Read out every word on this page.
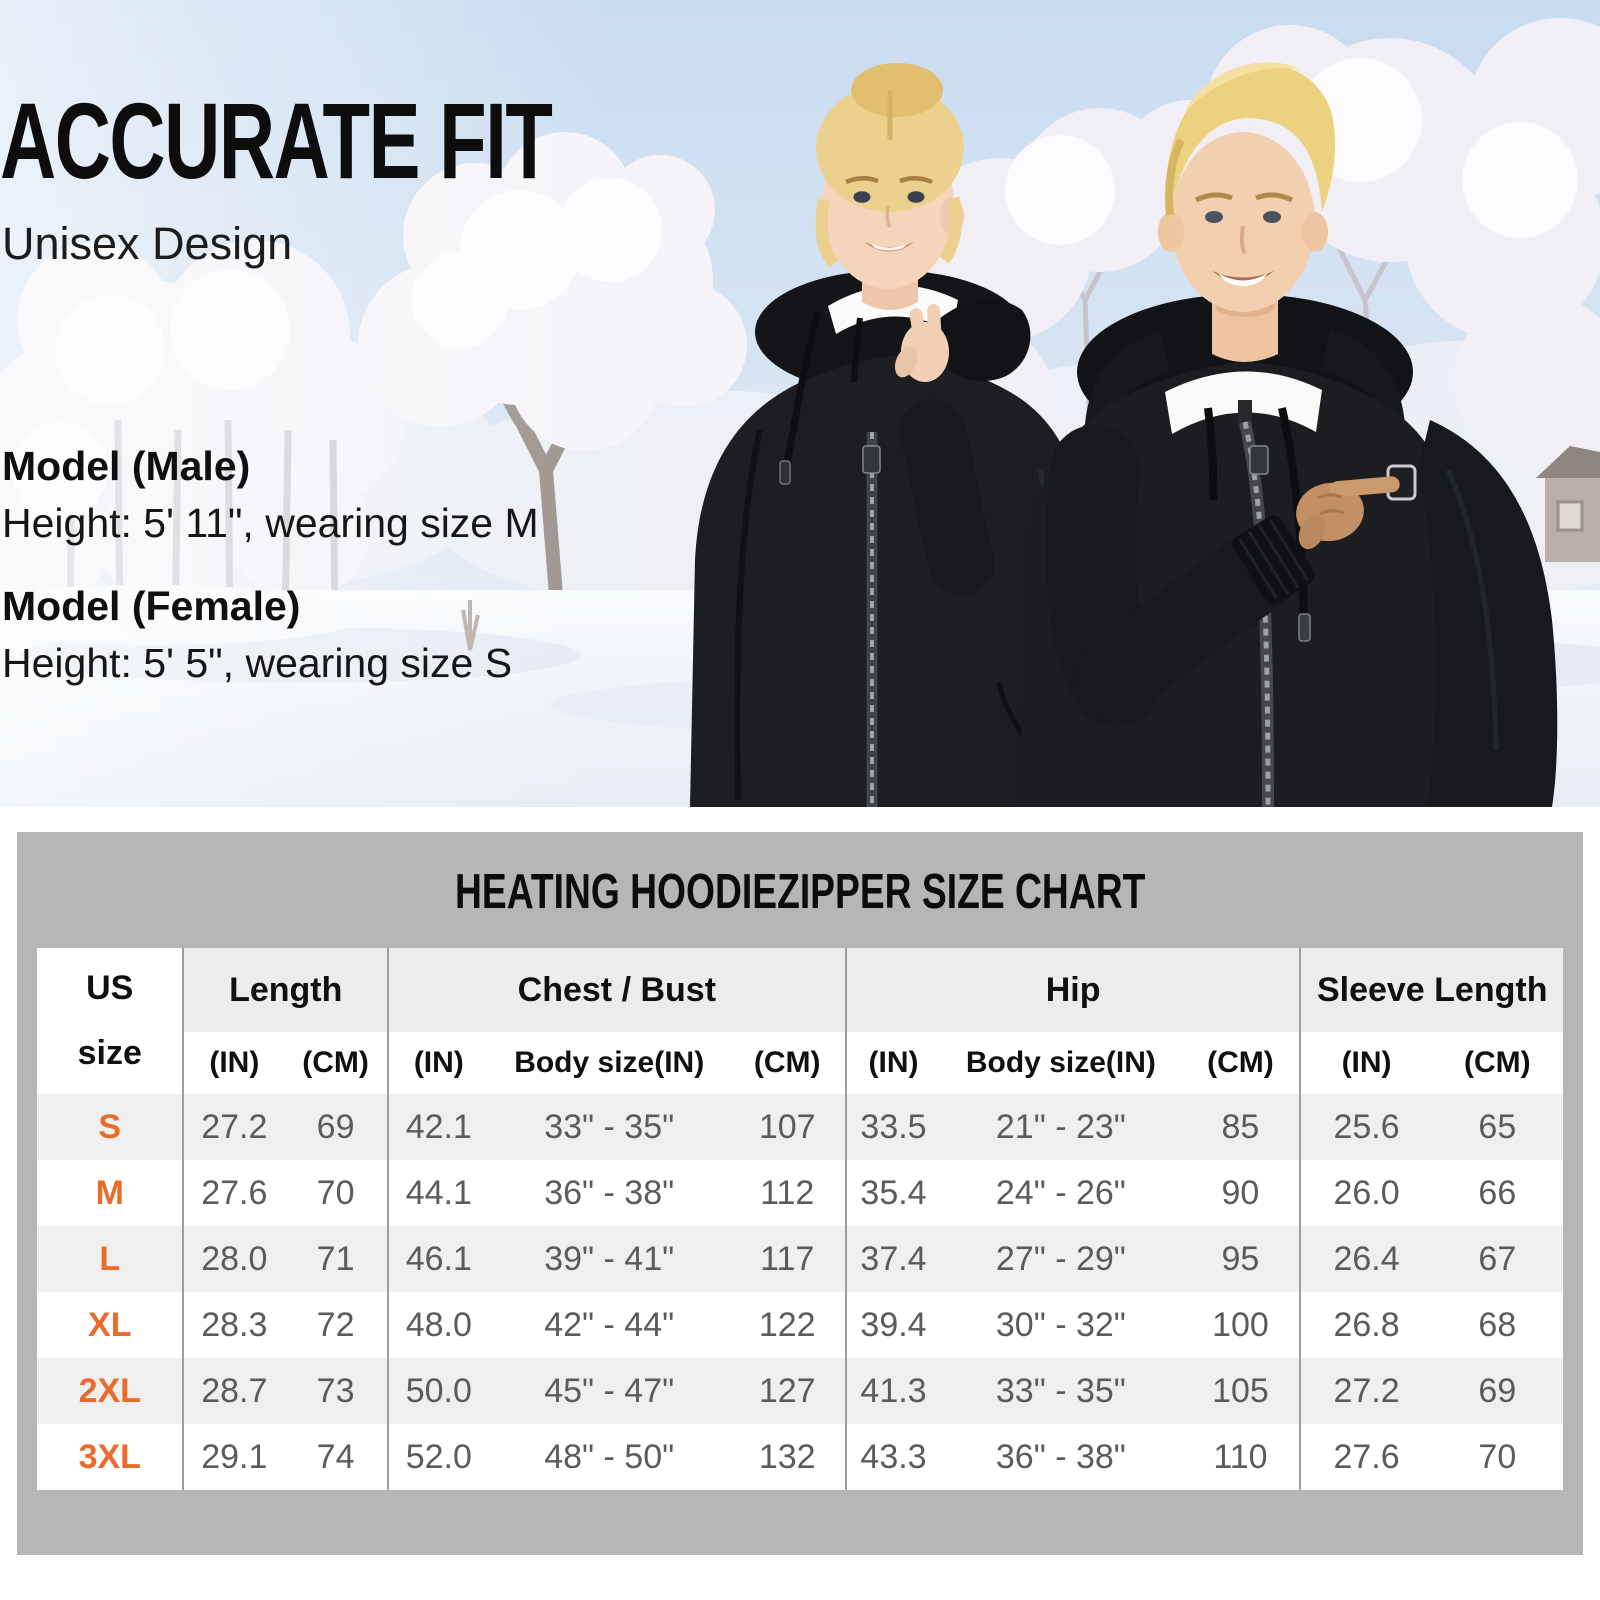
ACCURATE FIT
Unisex Design
Model (Male)
Height: 5' 11", wearing size M
Model (Female)
Height: 5' 5", wearing size S
HEATING HOODIEZIPPER SIZE CHART
US
size	Length		Chest / Bust			Hip			Sleeve Length	
	(IN)	(CM)	(IN)	Body size(IN)	(CM)	(IN)	Body size(IN)	(CM)	(IN)	(CM)
S	27.2	69	42.1	33" - 35"	107	33.5	21" - 23"	85	25.6	65
M	27.6	70	44.1	36" - 38"	112	35.4	24" - 26"	90	26.0	66
L	28.0	71	46.1	39" - 41"	117	37.4	27" - 29"	95	26.4	67
XL	28.3	72	48.0	42" - 44"	122	39.4	30" - 32"	100	26.8	68
2XL	28.7	73	50.0	45" - 47"	127	41.3	33" - 35"	105	27.2	69
3XL	29.1	74	52.0	48" - 50"	132	43.3	36" - 38"	110	27.6	70
